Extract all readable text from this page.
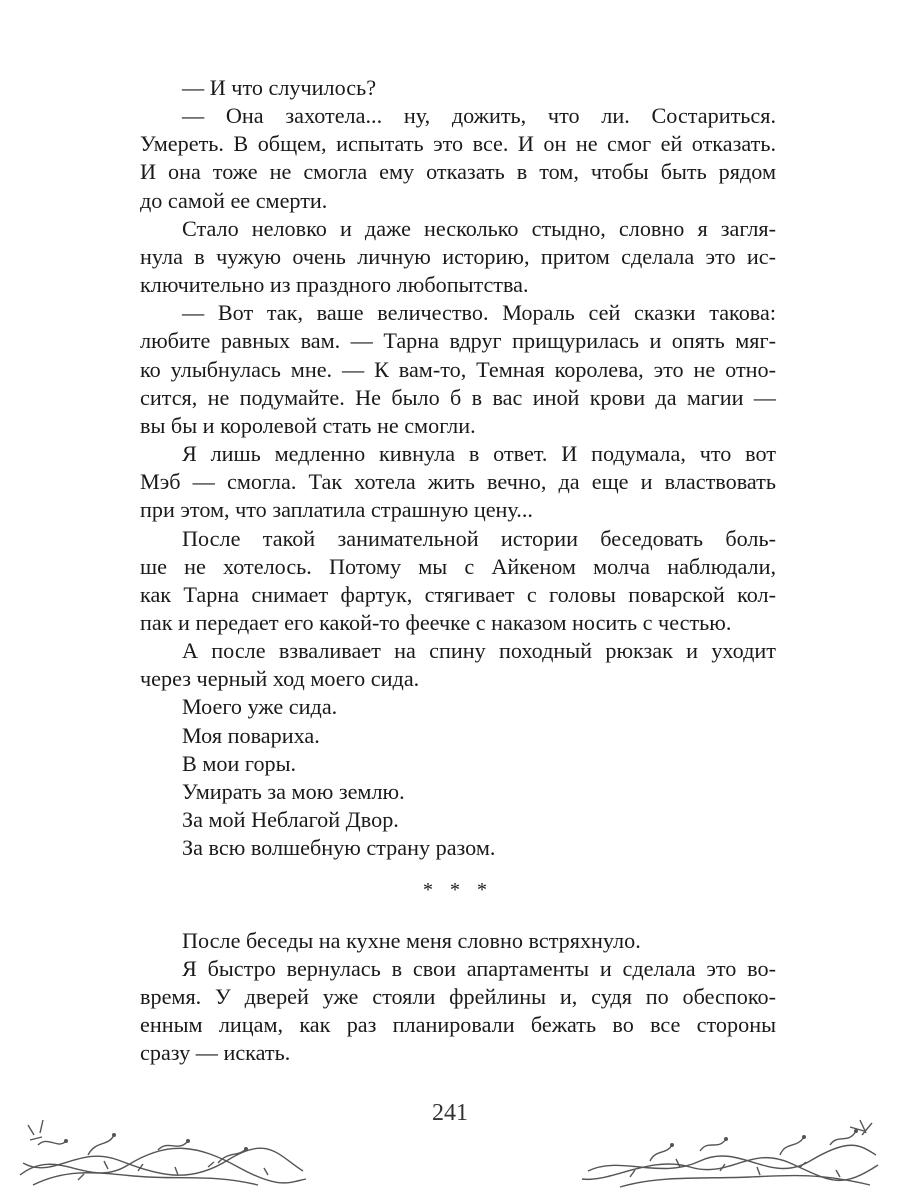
— И что случилось?
— Она захотела... ну, дожить, что ли. Состариться.
Умереть. В общем, испытать это все. И он не смог ей отказать.
И она тоже не смогла ему отказать в том, чтобы быть рядом
до самой ее смерти.
Стало неловко и даже несколько стыдно, словно я загля-
нула в чужую очень личную историю, притом сделала это ис-
ключительно из праздного любопытства.
— Вот так, ваше величество. Мораль сей сказки такова:
любите равных вам. — Тарна вдруг прищурилась и опять мяг-
ко улыбнулась мне. — К вам-то, Темная королева, это не отно-
сится, не подумайте. Не было б в вас иной крови да магии —
вы бы и королевой стать не смогли.
Я лишь медленно кивнула в ответ. И подумала, что вот
Мэб — смогла. Так хотела жить вечно, да еще и властвовать
при этом, что заплатила страшную цену...
После такой занимательной истории беседовать боль-
ше не хотелось. Потому мы с Айкеном молча наблюдали,
как Тарна снимает фартук, стягивает с головы поварской кол-
пак и передает его какой-то феечке с наказом носить с честью.
А после взваливает на спину походный рюкзак и уходит
через черный ход моего сида.
Моего уже сида.
Моя повариха.
В мои горы.
Умирать за мою землю.
За мой Неблагой Двор.
За всю волшебную страну разом.
* * *
После беседы на кухне меня словно встряхнуло.
Я быстро вернулась в свои апартаменты и сделала это во-
время. У дверей уже стояли фрейлины и, судя по обеспоко-
енным лицам, как раз планировали бежать во все стороны
сразу — искать.
241
